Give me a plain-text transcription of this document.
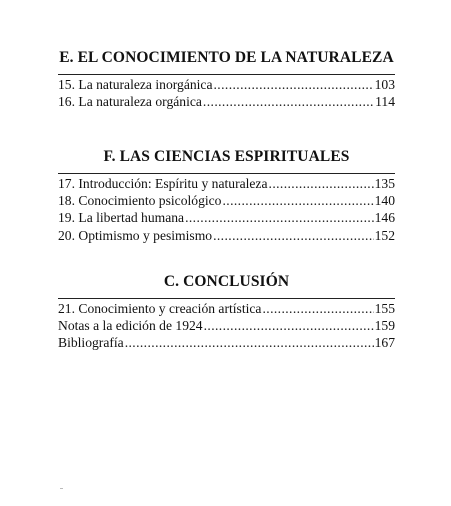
E. EL CONOCIMIENTO DE LA NATURALEZA
15. La naturaleza inorgánica .....	103
16. La naturaleza orgánica .....	114
F. LAS CIENCIAS ESPIRITUALES
17. Introducción: Espíritu y naturaleza .....	135
18. Conocimiento psicológico .....	140
19. La libertad humana .....	146
20. Optimismo y pesimismo .....	152
C. CONCLUSIÓN
21. Conocimiento y creación artística .....	155
Notas a la edición de 1924 .....	159
Bibliografía .....	167
